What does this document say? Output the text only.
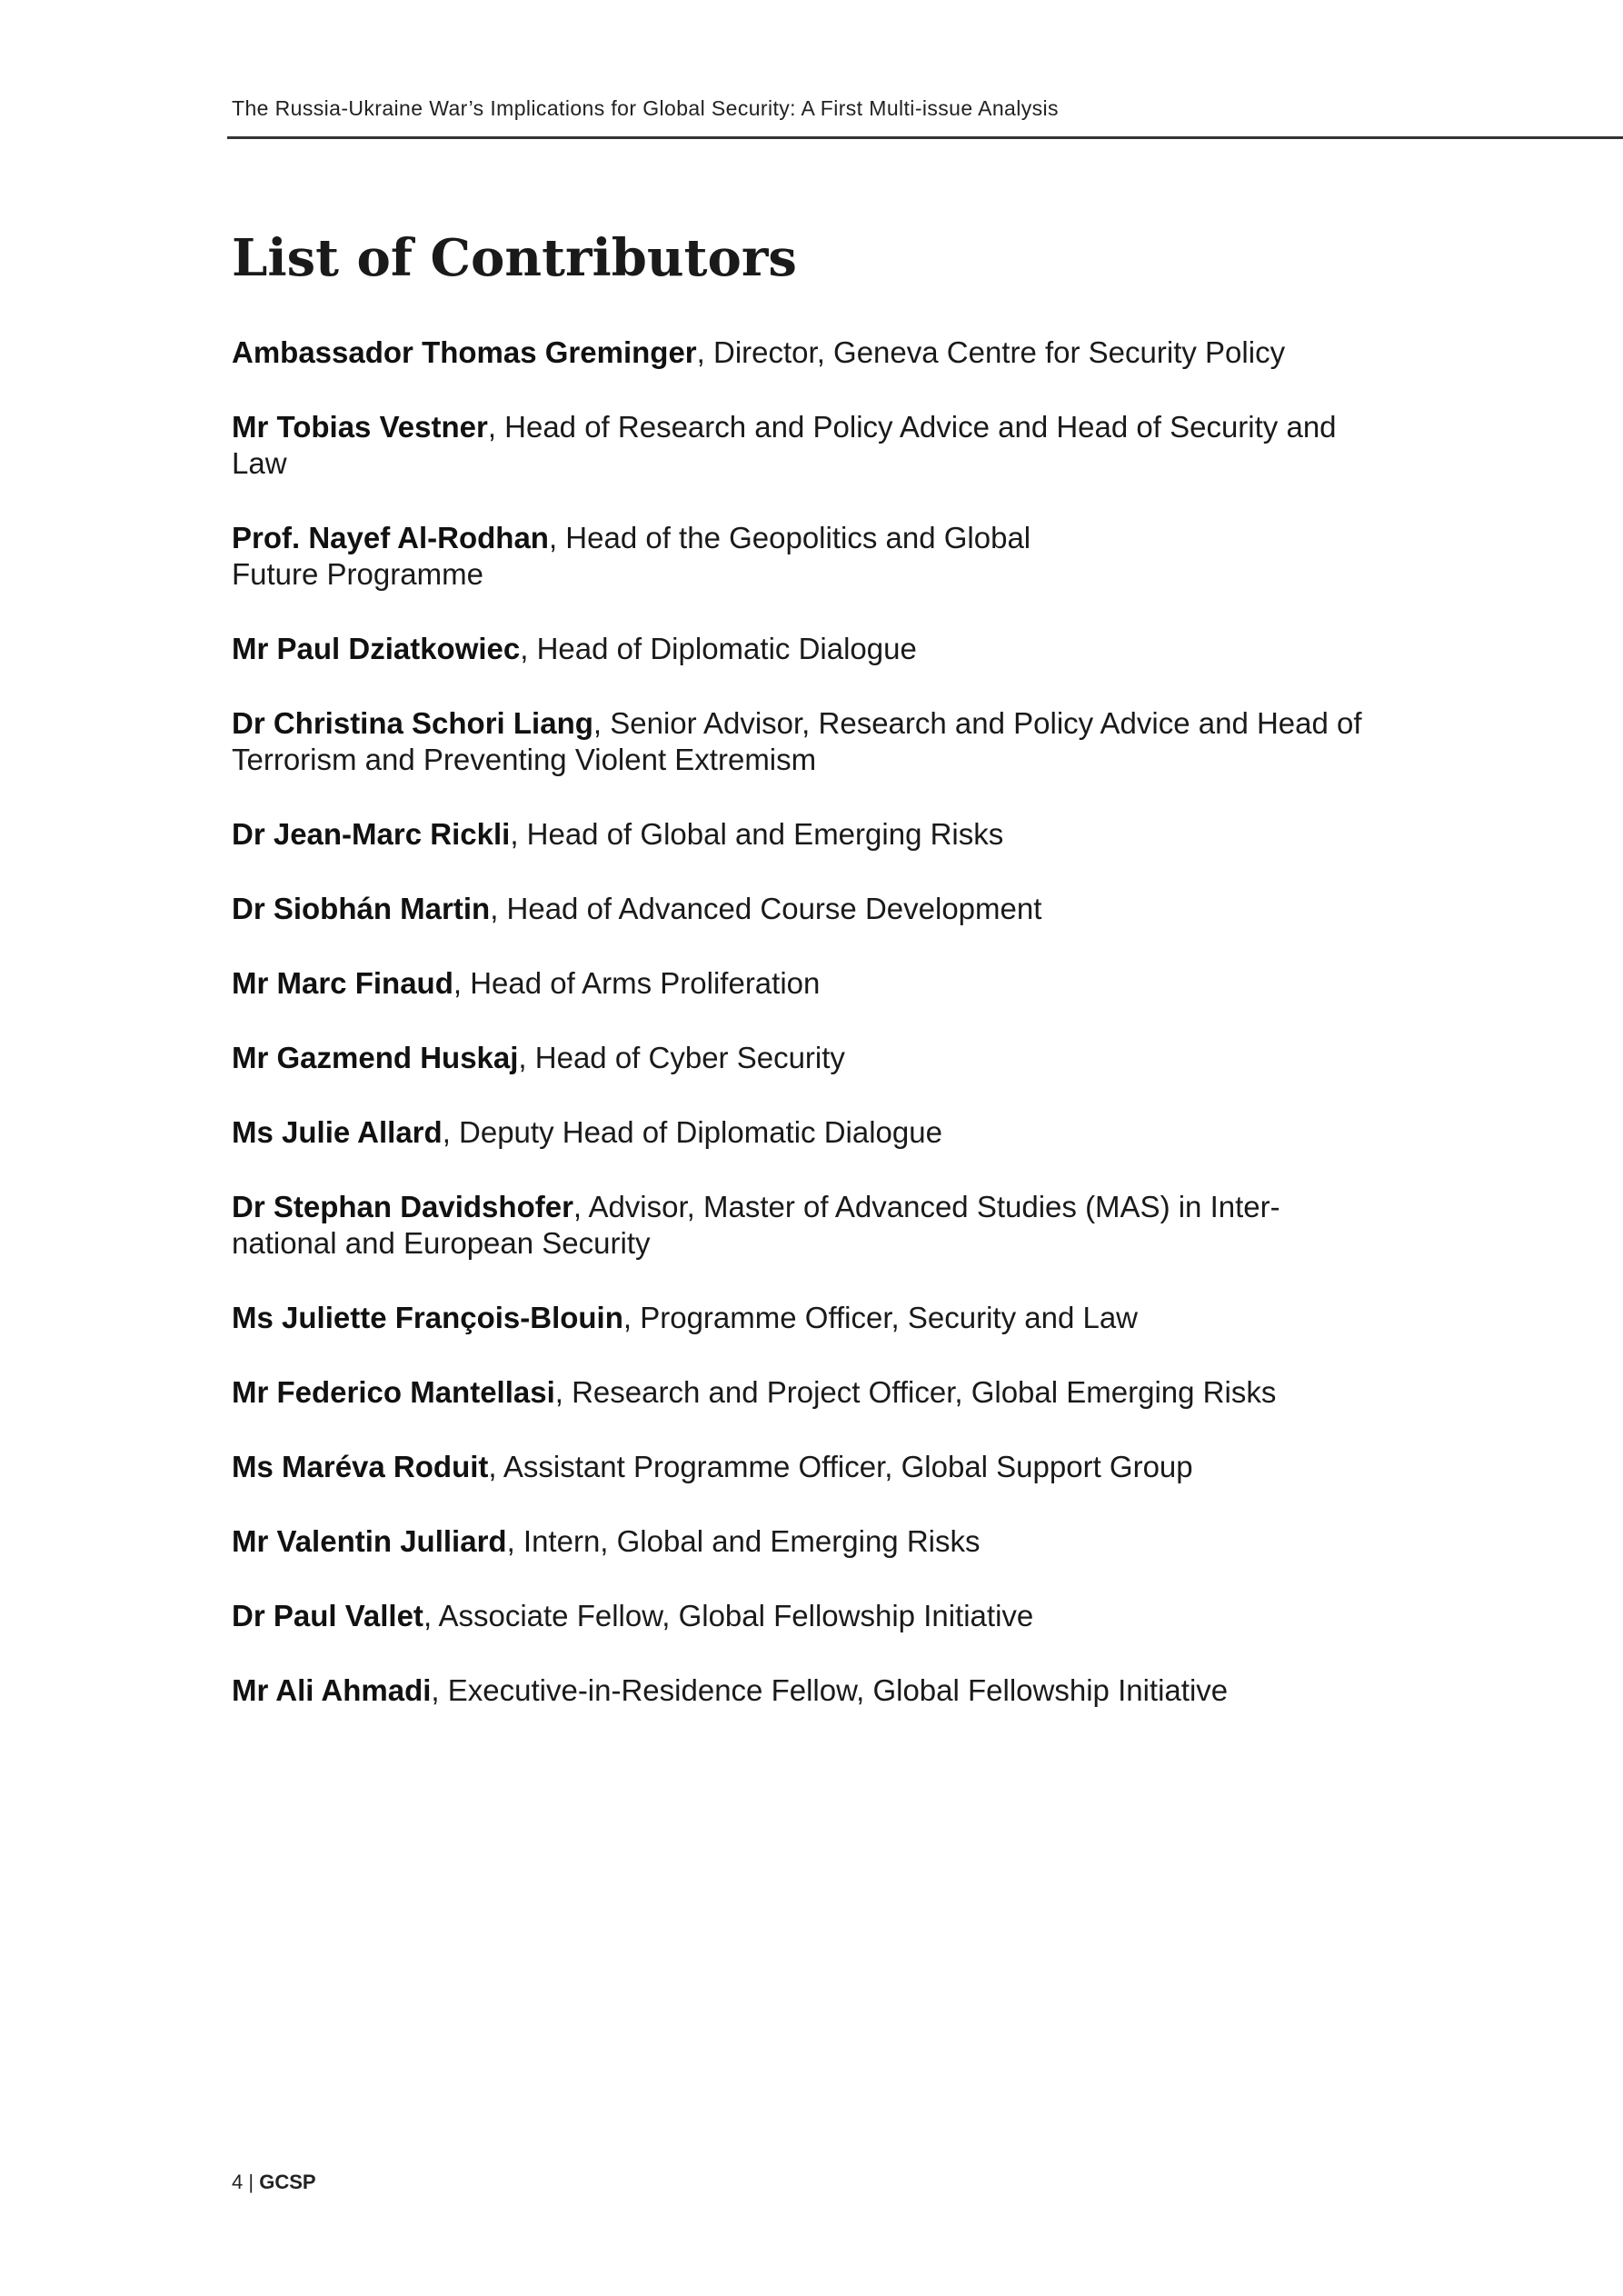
The Russia-Ukraine War’s Implications for Global Security: A First Multi-issue Analysis
List of Contributors
Ambassador Thomas Greminger, Director, Geneva Centre for Security Policy
Mr Tobias Vestner, Head of Research and Policy Advice and Head of Security and Law
Prof. Nayef Al-Rodhan, Head of the Geopolitics and Global
Future Programme
Mr Paul Dziatkowiec, Head of Diplomatic Dialogue
Dr Christina Schori Liang, Senior Advisor, Research and Policy Advice and Head of Terrorism and Preventing Violent Extremism
Dr Jean-Marc Rickli, Head of Global and Emerging Risks
Dr Siobhán Martin, Head of Advanced Course Development
Mr Marc Finaud, Head of Arms Proliferation
Mr Gazmend Huskaj, Head of Cyber Security
Ms Julie Allard, Deputy Head of Diplomatic Dialogue
Dr Stephan Davidshofer, Advisor, Master of Advanced Studies (MAS) in Inter-national and European Security
Ms Juliette François-Blouin, Programme Officer, Security and Law
Mr Federico Mantellasi, Research and Project Officer, Global Emerging Risks
Ms Maréva Roduit, Assistant Programme Officer, Global Support Group
Mr Valentin Julliard, Intern, Global and Emerging Risks
Dr Paul Vallet, Associate Fellow, Global Fellowship Initiative
Mr Ali Ahmadi, Executive-in-Residence Fellow, Global Fellowship Initiative
4 | GCSP
